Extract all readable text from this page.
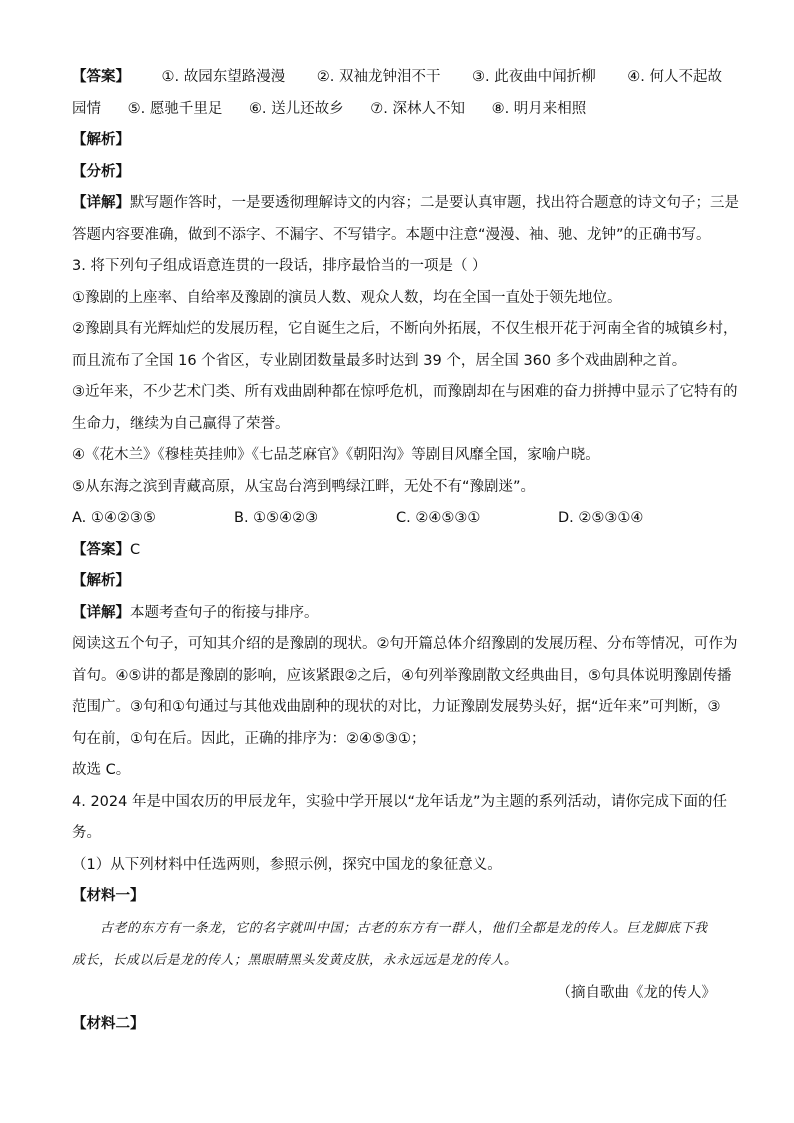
【答案】 ①. 故园东望路漫漫 ②. 双袖龙钟泪不干 ③. 此夜曲中闻折柳 ④. 何人不起故
园情 ⑤. 愿驰千里足 ⑥. 送儿还故乡 ⑦. 深林人不知 ⑧. 明月来相照
【解析】
【分析】
【详解】默写题作答时，一是要透彻理解诗文的内容；二是要认真审题，找出符合题意的诗文句子；三是
答题内容要准确，做到不添字、不漏字、不写错字。本题中注意“漫漫、袖、驰、龙钟”的正确书写。
3. 将下列句子组成语意连贯的一段话，排序最恰当的一项是（ ）
①豫剧的上座率、自给率及豫剧的演员人数、观众人数，均在全国一直处于领先地位。
②豫剧具有光辉灿烂的发展历程，它自诞生之后，不断向外拓展，不仅生根开花于河南全省的城镇乡村，
而且流布了全国 16 个省区，专业剧团数量最多时达到 39 个，居全国 360 多个戏曲剧种之首。
③近年来，不少艺术门类、所有戏曲剧种都在惊呼危机，而豫剧却在与困难的奋力拼搏中显示了它特有的
生命力，继续为自己赢得了荣誉。
④《花木兰》《穆桂英挂帅》《七品芝麻官》《朝阳沟》等剧目风靡全国，家喻户晓。
⑤从东海之滨到青藏高原，从宝岛台湾到鸭绿江畔，无处不有“豫剧迷”。
A. ①④②③⑤	B. ①⑤④②③	C. ②④⑤③①	D. ②⑤③①④
【答案】C
【解析】
【详解】本题考查句子的衔接与排序。
阅读这五个句子，可知其介绍的是豫剧的现状。②句开篇总体介绍豫剧的发展历程、分布等情况，可作为
首句。④⑤讲的都是豫剧的影响，应该紧跟②之后，④句列举豫剧散文经典曲目，⑤句具体说明豫剧传播
范围广。③句和①句通过与其他戏曲剧种的现状的对比，力证豫剧发展势头好，据“近年来”可判断，③
句在前，①句在后。因此，正确的排序为：②④⑤③①；
故选 C。
4. 2024 年是中国农历的甲辰龙年，实验中学开展以“龙年话龙”为主题的系列活动，请你完成下面的任
务。
（1）从下列材料中任选两则，参照示例，探究中国龙的象征意义。
【材料一】
古老的东方有一条龙，它的名字就叫中国；古老的东方有一群人，他们全都是龙的传人。巨龙脚底下我成长，长成以后是龙的传人；黑眼睛黑头发黄皮肤，永永远远是龙的传人。
（摘自歌曲《龙的传人》
【材料二】
